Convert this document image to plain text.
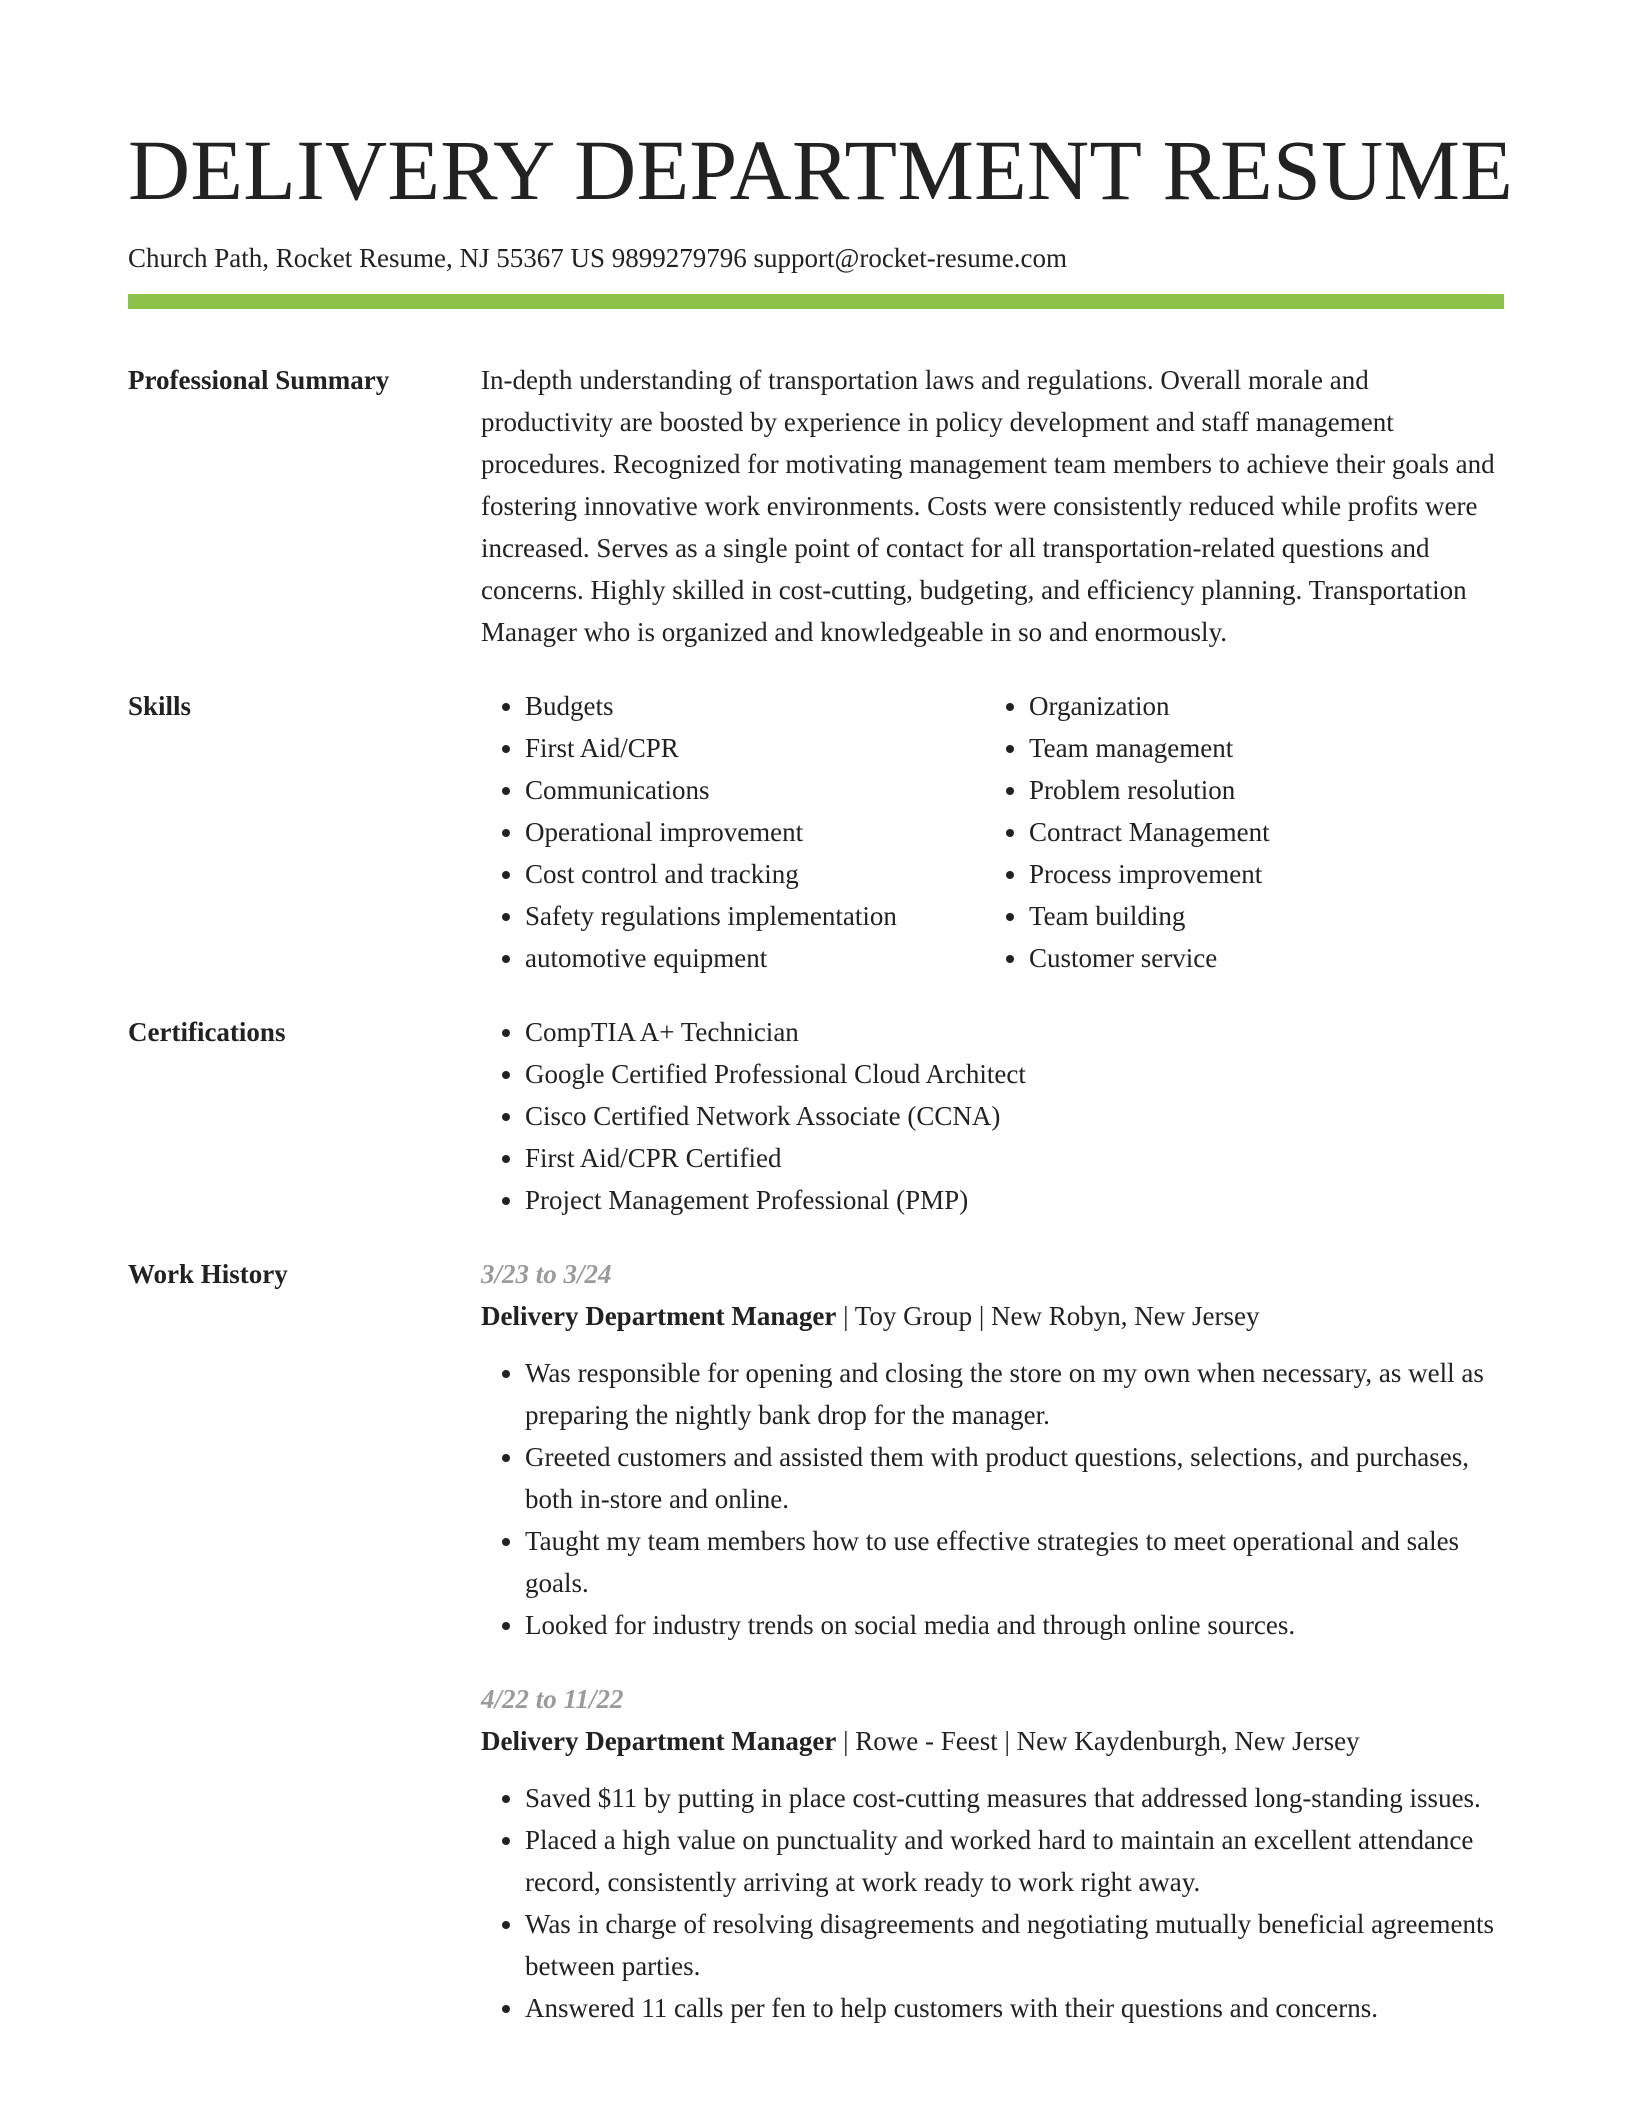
DELIVERY DEPARTMENT RESUME
Church Path, Rocket Resume, NJ 55367 US 9899279796 support@rocket-resume.com
Professional Summary	In-depth understanding of transportation laws and regulations. Overall morale and productivity are boosted by experience in policy development and staff management procedures. Recognized for motivating management team members to achieve their goals and fostering innovative work environments. Costs were consistently reduced while profits were increased. Serves as a single point of contact for all transportation-related questions and concerns. Highly skilled in cost-cutting, budgeting, and efficiency planning. Transportation Manager who is organized and knowledgeable in so and enormously.

Skills	• Budgets
• First Aid/CPR
• Communications
• Operational improvement
• Cost control and tracking
• Safety regulations implementation
• automotive equipment
• Organization
• Team management
• Problem resolution
• Contract Management
• Process improvement
• Team building
• Customer service
Certifications	• CompTIA A+ Technician
• Google Certified Professional Cloud Architect
• Cisco Certified Network Associate (CCNA)
• First Aid/CPR Certified
• Project Management Professional (PMP)
Work History	3/23 to 3/24
Delivery Department Manager | Toy Group | New Robyn, New Jersey
• Was responsible for opening and closing the store on my own when necessary, as well as preparing the nightly bank drop for the manager.
• Greeted customers and assisted them with product questions, selections, and purchases, both in-store and online.
• Taught my team members how to use effective strategies to meet operational and sales goals.
• Looked for industry trends on social media and through online sources.
4/22 to 11/22
Delivery Department Manager | Rowe - Feest | New Kaydenburgh, New Jersey
• Saved $11 by putting in place cost-cutting measures that addressed long-standing issues.
• Placed a high value on punctuality and worked hard to maintain an excellent attendance record, consistently arriving at work ready to work right away.
• Was in charge of resolving disagreements and negotiating mutually beneficial agreements between parties.
• Answered 11 calls per fen to help customers with their questions and concerns.
